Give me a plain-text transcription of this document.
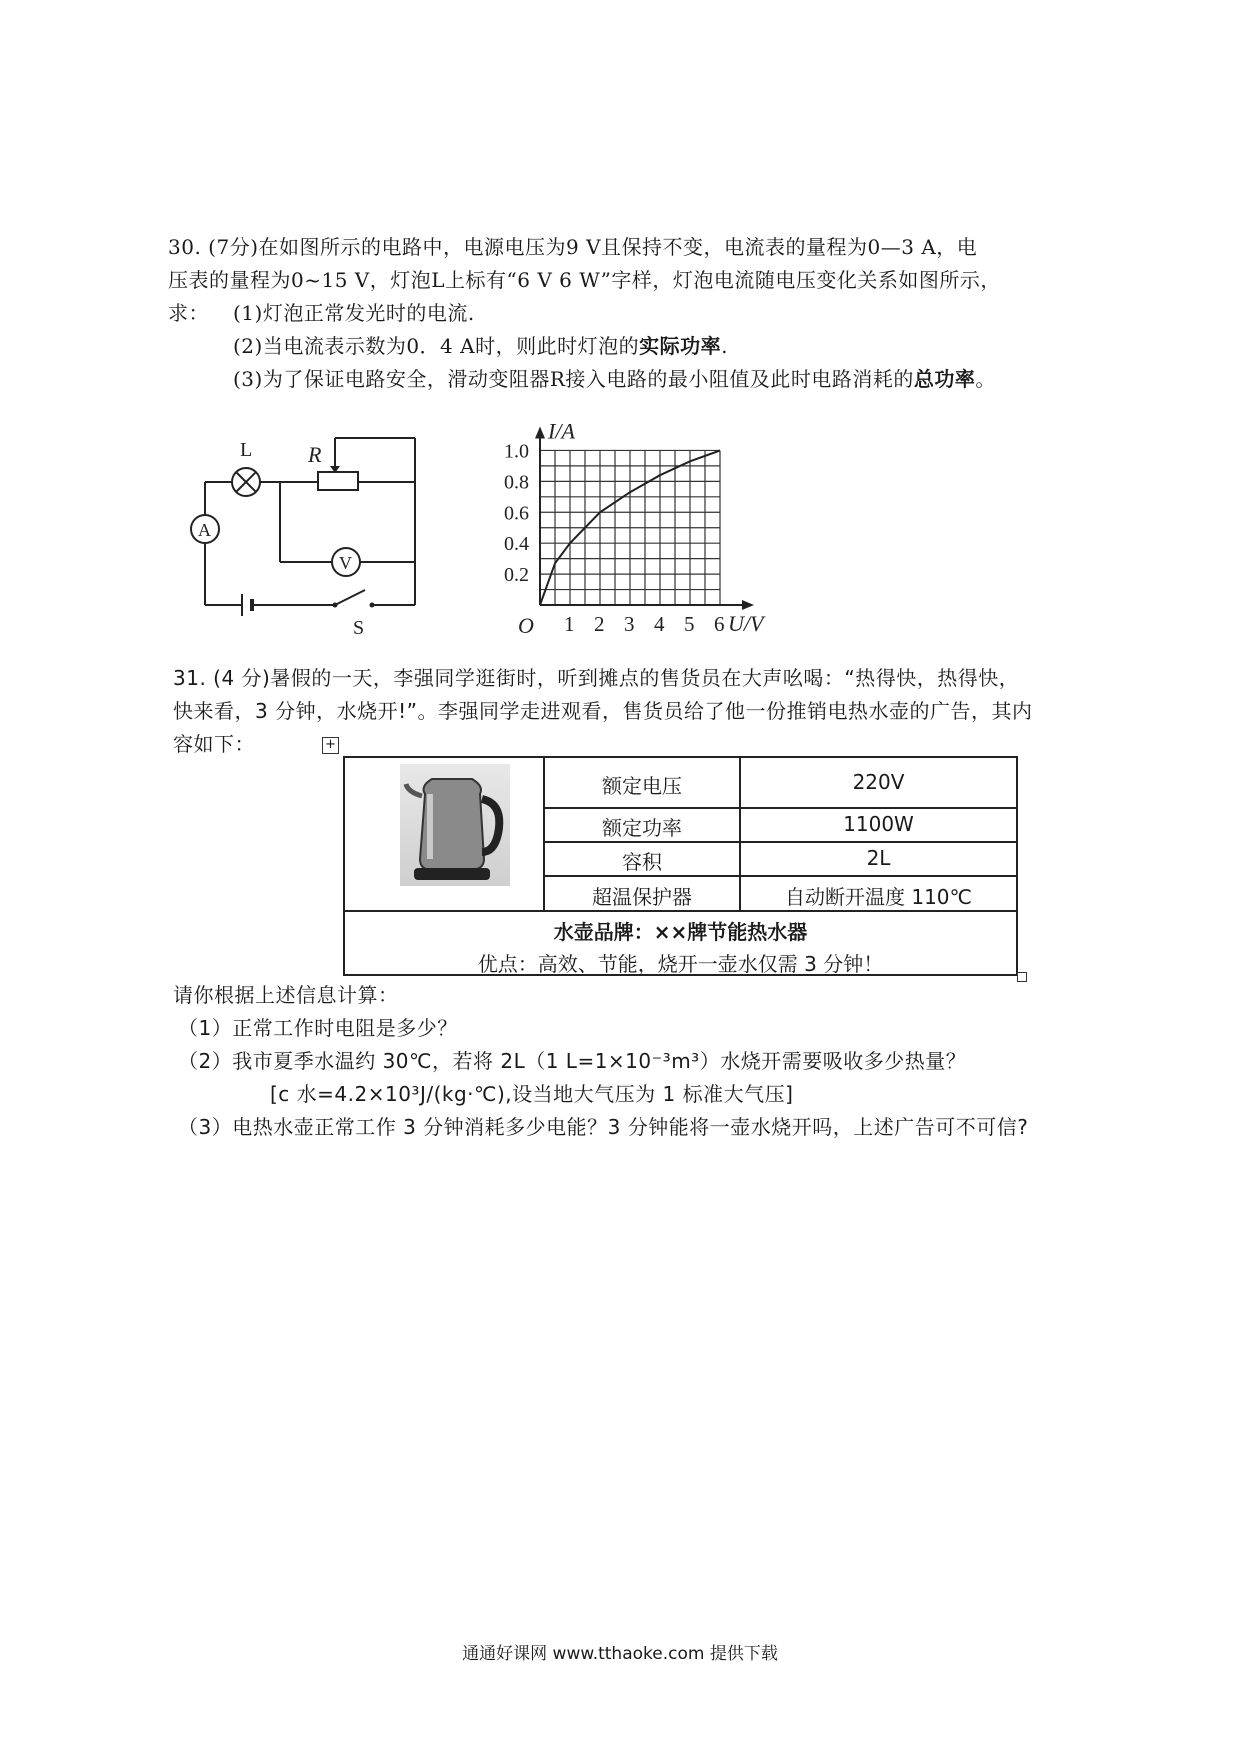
30. (7分)在如图所示的电路中，电源电压为9 V且保持不变，电流表的量程为0—3 A，电
压表的量程为0~15 V，灯泡L上标有“6 V 6 W”字样，灯泡电流随电压变化关系如图所示，
求： (1)灯泡正常发光时的电流.
(2)当电流表示数为0．4 A时，则此时灯泡的实际功率.
(3)为了保证电路安全，滑动变阻器R接入电路的最小阻值及此时电路消耗的总功率。
L	R
A
V
S	1 2 3 4 5 6
0.2
0.4
0.6
0.8
1.0
I/A
U/V
O
31. (4 分)暑假的一天，李强同学逛街时，听到摊点的售货员在大声吆喝：“热得快，热得快，
快来看，3 分钟，水烧开!”。李强同学走进观看，售货员给了他一份推销电热水壶的广告，其内
容如下：	+
额定电压	220V
额定功率	1100W
容积	2L
超温保护器	自动断开温度 110℃
水壶品牌：××牌节能热水器
优点：高效、节能，烧开一壶水仅需 3 分钟！
请你根据上述信息计算：
（1）正常工作时电阻是多少？
（2）我市夏季水温约 30℃，若将 2L（1 L=1×10⁻³m³）水烧开需要吸收多少热量？
[c 水=4.2×10³J/(kg·℃),设当地大气压为 1 标准大气压]
（3）电热水壶正常工作 3 分钟消耗多少电能？3 分钟能将一壶水烧开吗，上述广告可不可信?
通通好课网 www.tthaoke.com 提供下载
